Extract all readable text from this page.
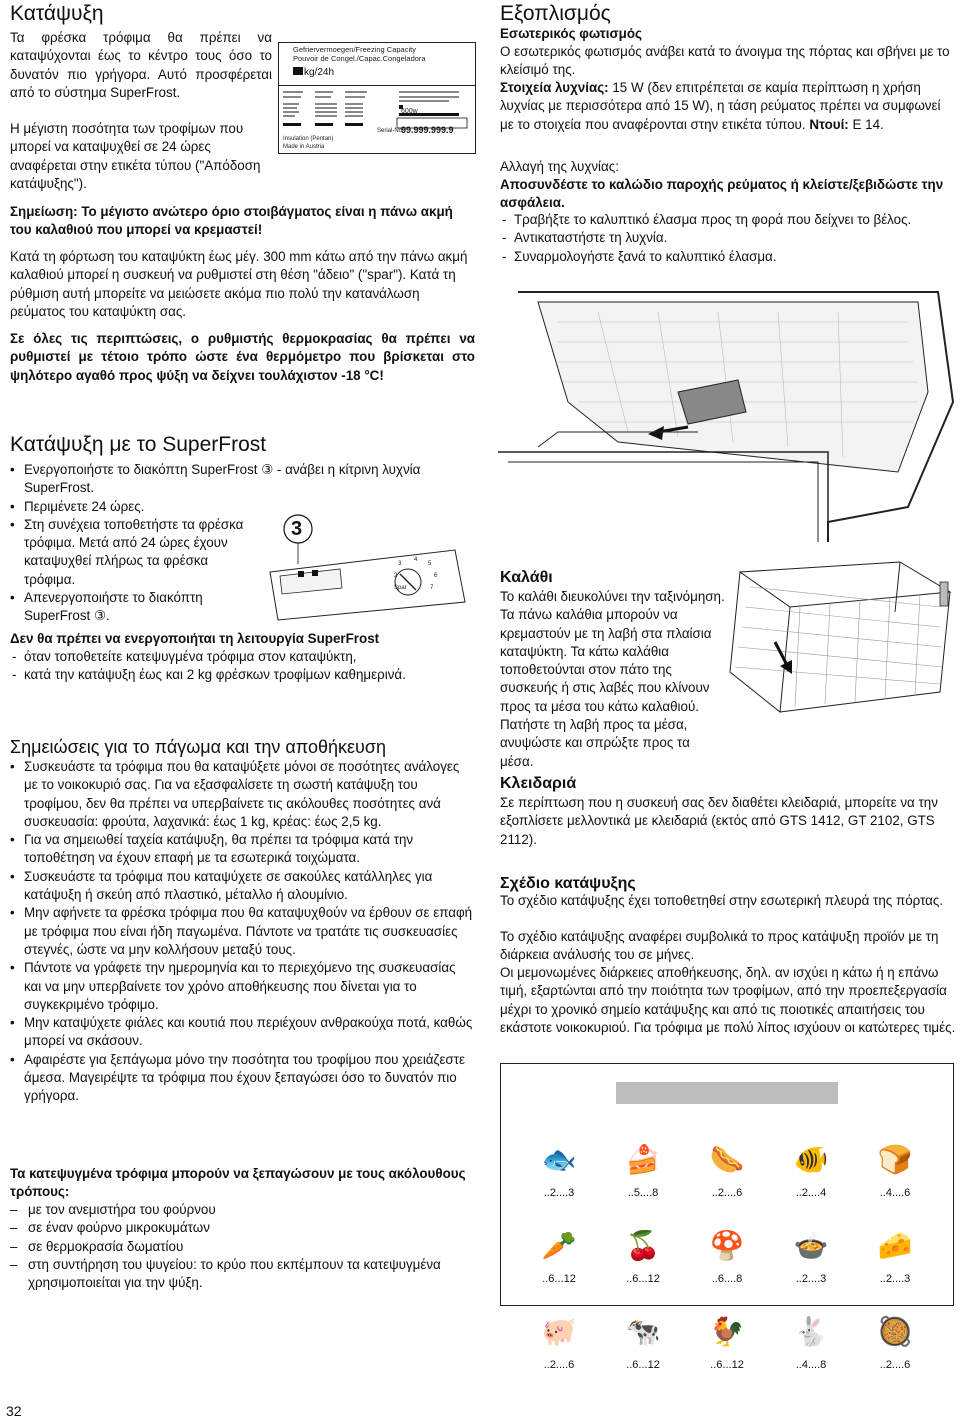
Κατάψυξη

Τα φρέσκα τρόφιμα θα πρέπει να καταψύχονται έως το κέντρο τους όσο το δυνατόν πιο γρήγορα. Αυτό προσφέρεται από το σύστημα SuperFrost.

Η μέγιστη ποσότητα των τροφίμων που μπορεί να καταψυχθεί σε 24 ώρες αναφέρεται στην ετικέτα τύπου ("Απόδοση κατάψυξης").

Gefriervermoegen/Freezing Capacity
Pouvoir de Congel./Capac.Congeladora
kg/24h
600w
Serial-No.
99.999.999.9
Insulation (Pentan)
Made in Austria

Σημείωση: Το μέγιστο ανώτερο όριο στοιβάγματος είναι η πάνω ακμή του καλαθιού που μπορεί να κρεμαστεί!

Κατά τη φόρτωση του καταψύκτη έως μέγ. 300 mm κάτω από την πάνω ακμή καλαθιού μπορεί η συσκευή να ρυθμιστεί στη θέση "άδειο" ("spar"). Κατά τη ρύθμιση αυτή μπορείτε να μειώσετε ακόμα πιο πολύ την κατανάλωση ρεύματος του καταψύκτη σας.

Σε όλες τις περιπτώσεις, ο ρυθμιστής θερμοκρασίας θα πρέπει να ρυθμιστεί με τέτοιο τρόπο ώστε ένα θερμόμετρο που βρίσκεται στο ψηλότερο αγαθό προς ψύξη να δείχνει τουλάχιστον -18 °C!

Κατάψυξη με το SuperFrost
• Ενεργοποιήστε το διακόπτη SuperFrost ③ - ανάβει η κίτρινη λυχνία SuperFrost.
• Περιμένετε 24 ώρες.
• Στη συνέχεια τοποθετήστε τα φρέσκα τρόφιμα. Μετά από 24 ώρες έχουν καταψυχθεί πλήρως τα φρέσκα τρόφιμα.
• Απενεργοποιήστε το διακόπτη SuperFrost ③.
3
3
4
5
2	6
Spar	7

Δεν θα πρέπει να ενεργοποιήται τη λειτουργία SuperFrost

- όταν τοποθετείτε κατεψυγμένα τρόφιμα στον καταψύκτη,
- κατά την κατάψυξη έως και 2 kg φρέσκων τροφίμων καθημερινά.
Σημειώσεις για το πάγωμα και την αποθήκευση
• Συσκευάστε τα τρόφιμα που θα καταψύξετε μόνοι σε ποσότητες ανάλογες με το νοικοκυριό σας. Για να εξασφαλίσετε τη σωστή κατάψυξη του τροφίμου, δεν θα πρέπει να υπερβαίνετε τις ακόλουθες ποσότητες ανά συσκευασία: φρούτα, λαχανικά: έως 1 kg, κρέας: έως 2,5 kg.
• Για να σημειωθεί ταχεία κατάψυξη, θα πρέπει τα τρόφιμα κατά την τοποθέτηση να έχουν επαφή με τα εσωτερικά τοιχώματα.
• Συσκευάστε τα τρόφιμα που καταψύχετε σε σακούλες κατάλληλες για κατάψυξη ή σκεύη από πλαστικό, μέταλλο ή αλουμίνιο.
• Μην αφήνετε τα φρέσκα τρόφιμα που θα καταψυχθούν να έρθουν σε επαφή με τρόφιμα που είναι ήδη παγωμένα. Πάντοτε να τρατάτε τις συσκευασίες στεγνές, ώστε να μην κολλήσουν μεταξύ τους.
• Πάντοτε να γράφετε την ημερομηνία και το περιεχόμενο της συσκευασίας και να μην υπερβαίνετε τον χρόνο αποθήκευσης που δίνεται για το συγκεκριμένο τρόφιμο.
• Μην καταψύχετε φιάλες και κουτιά που περιέχουν ανθρακούχα ποτά, καθώς μπορεί να σκάσουν.
• Αφαιρέστε για ξεπάγωμα μόνο την ποσότητα του τροφίμου που χρειάζεστε άμεσα. Μαγειρέψτε τα τρόφιμα που έχουν ξεπαγώσει όσο το δυνατόν πιο γρήγορα.

Τα κατεψυγμένα τρόφιμα μπορούν να ξεπαγώσουν με τους ακόλουθους τρόπους:

– με τον ανεμιστήρα του φούρνου
– σε έναν φούρνο μικροκυμάτων
– σε θερμοκρασία δωματίου
– στη συντήρηση του ψυγείου: το κρύο που εκπέμπουν τα κατεψυγμένα χρησιμοποιείται για την ψύξη.
Εξοπλισμός

Εσωτερικός φωτισμός

Ο εσωτερικός φωτισμός ανάβει κατά το άνοιγμα της πόρτας και σβήνει με το κλείσιμό της.

Στοιχεία λυχνίας: 15 W (δεν επιτρέπεται σε καμία περίπτωση η χρήση λυχνίας με περισσότερα από 15 W), η τάση ρεύματος πρέπει να συμφωνεί με το στοιχεία που αναφέρονται στην ετικέτα τύπου. Ντουί: E 14.

Αλλαγή της λυχνίας:

Αποσυνδέστε το καλώδιο παροχής ρεύματος ή κλείστε/ξεβιδώστε την ασφάλεια.

- Τραβήξτε το καλυπτικό έλασμα προς τη φορά που δείχνει το βέλος.
- Αντικαταστήστε τη λυχνία.
- Συναρμολογήστε ξανά το καλυπτικό έλασμα.
Καλάθι

Το καλάθι διευκολύνει την ταξινόμηση. Τα πάνω καλάθια μπορούν να κρεμαστούν με τη λαβή στα πλαίσια καταψύκτη. Τα κάτω καλάθια τοποθετούνται στον πάτο της συσκευής ή στις λαβές που κλίνουν προς τα μέσα του κάτω καλαθιού. Πατήστε τη λαβή προς τα μέσα, ανυψώστε και σπρώξτε προς τα μέσα.

Κλειδαριά

Σε περίπτωση που η συσκευή σας δεν διαθέτει κλειδαριά, μπορείτε να την εξοπλίσετε μελλοντικά με κλειδαριά (εκτός από GTS 1412, GT 2102, GTS 2112).

Σχέδιο κατάψυξης

Το σχέδιο κατάψυξης έχει τοποθετηθεί στην εσωτερική πλευρά της πόρτας.

Το σχέδιο κατάψυξης αναφέρει συμβολικά το προς κατάψυξη προϊόν με τη διάρκεια ανάλυσής του σε μήνες.

Οι μεμονωμένες διάρκειες αποθήκευσης, δηλ. αν ισχύει η κάτω ή η επάνω τιμή, εξαρτώνται από την ποιότητα των τροφίμων, από την προεπεξεργασία μέχρι το χρονικό σημείο κατάψυξης και από τις ποιοτικές απαιτήσεις του εκάστοτε νοικοκυριού. Για τρόφιμα με πολύ λίπος ισχύουν οι κατώτερες τιμές.

🐟
..2....3
🍰
..5....8
🌭
..2....6
🐠
..2....4
🍞
..4....6
🥕
..6...12
🍒
..6...12
🍄
..6....8
🍲
..2....3
🧀
..2....3
🐖
..2....6
🐄
..6...12
🐓
..6...12
🐇
..4....8
🥘
..2....6
32
